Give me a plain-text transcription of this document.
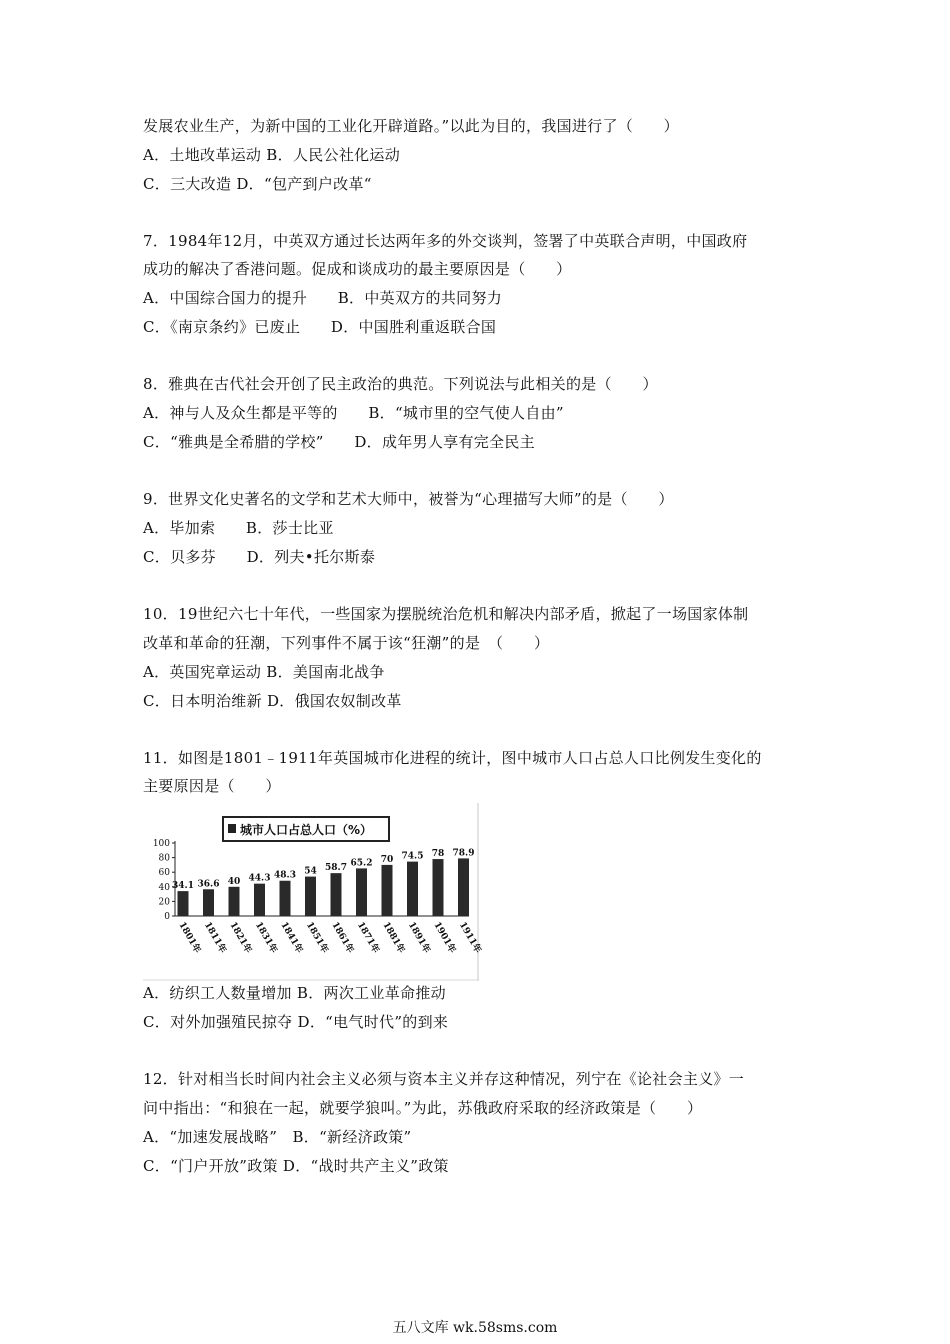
发展农业生产，为新中国的工业化开辟道路。”以此为目的，我国进行了（　　）
A．土地改革运动 B．人民公社化运动
C．三大改造 D．“包产到户改革“
7．1984年12月，中英双方通过长达两年多的外交谈判，签署了中英联合声明，中国政府
成功的解决了香港问题。促成和谈成功的最主要原因是（　　）
A．中国综合国力的提升　　B．中英双方的共同努力
C．《南京条约》已废止　　D．中国胜利重返联合国
8．雅典在古代社会开创了民主政治的典范。下列说法与此相关的是（　　）
A．神与人及众生都是平等的　　B．“城市里的空气使人自由”
C．“雅典是全希腊的学校”　　D．成年男人享有完全民主
9．世界文化史著名的文学和艺术大师中，被誉为“心理描写大师”的是（　　）
A．毕加索　　B．莎士比亚
C．贝多芬　　D．列夫•托尔斯泰
10．19世纪六七十年代，一些国家为摆脱统治危机和解决内部矛盾，掀起了一场国家体制
改革和革命的狂潮，下列事件不属于该“狂潮”的是　（　　）
A．英国宪章运动 B．美国南北战争
C．日本明治维新 D．俄国农奴制改革
11．如图是1801﹣1911年英国城市化进程的统计，图中城市人口占总人口比例发生变化的
主要原因是（　　）
城市人口占总人口（%）
100
80
60
40
20
0
34.1
1801年
36.6
1811年
40
1821年
44.3
1831年
48.3
1841年
54
1851年
58.7
1861年
65.2
1871年
70
1881年
74.5
1891年
78
1901年
78.9
1911年
A．纺织工人数量增加 B．两次工业革命推动
C．对外加强殖民掠夺 D．“电气时代”的到来
12．针对相当长时间内社会主义必须与资本主义并存这种情况，列宁在《论社会主义》一
问中指出：“和狼在一起，就要学狼叫。”为此，苏俄政府采取的经济政策是（　　）
A．“加速发展战略”　B．“新经济政策”
C．“门户开放”政策 D．“战时共产主义”政策
五八文库 wk.58sms.com
